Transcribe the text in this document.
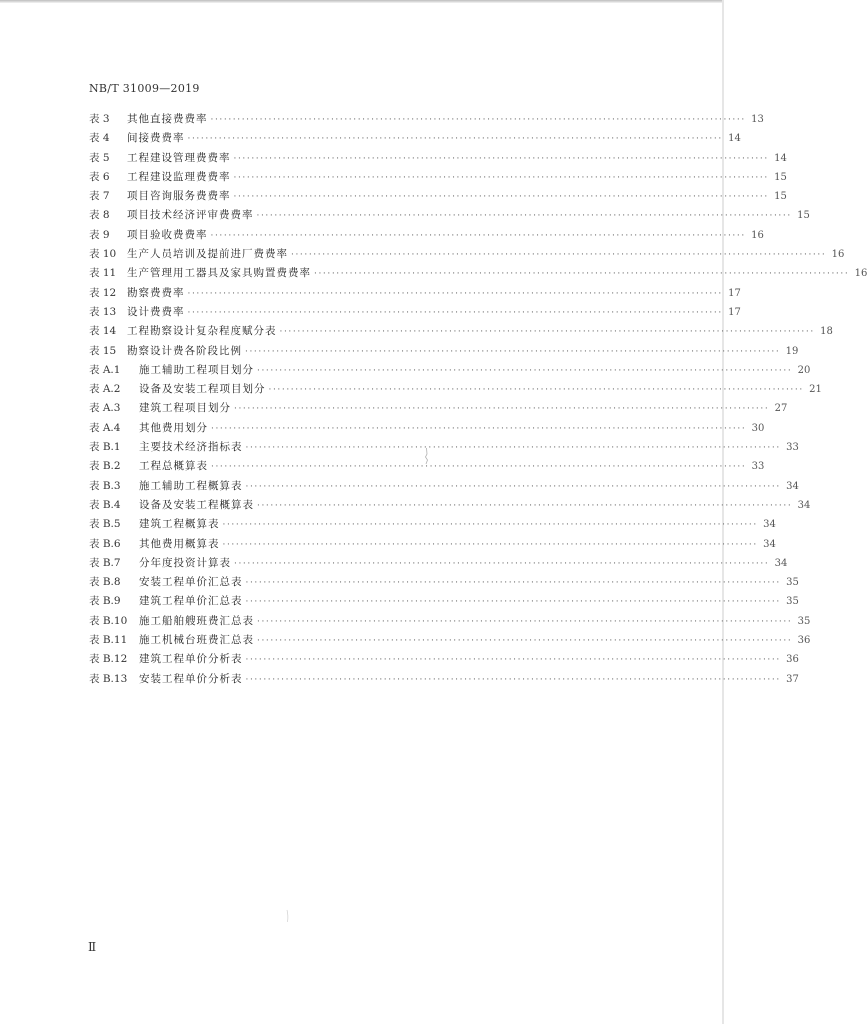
NB/T 31009—2019
表 3	其他直接费费率 ························································································································ 13
表 4	间接费费率 ························································································································ 14
表 5	工程建设管理费费率 ························································································································ 14
表 6	工程建设监理费费率 ························································································································ 15
表 7	项目咨询服务费费率 ························································································································ 15
表 8	项目技术经济评审费费率 ························································································································ 15
表 9	项目验收费费率 ························································································································ 16
表 10	生产人员培训及提前进厂费费率 ························································································································ 16
表 11	生产管理用工器具及家具购置费费率 ························································································································ 16
表 12	勘察费费率 ························································································································ 17
表 13	设计费费率 ························································································································ 17
表 14	工程勘察设计复杂程度赋分表 ························································································································ 18
表 15	勘察设计费各阶段比例 ························································································································ 19
表 A.1	施工辅助工程项目划分 ························································································································ 20
表 A.2	设备及安装工程项目划分 ························································································································ 21
表 A.3	建筑工程项目划分 ························································································································ 27
表 A.4	其他费用划分 ························································································································ 30
表 B.1	主要技术经济指标表 ························································································································ 33
表 B.2	工程总概算表 ························································································································ 33
表 B.3	施工辅助工程概算表 ························································································································ 34
表 B.4	设备及安装工程概算表 ························································································································ 34
表 B.5	建筑工程概算表 ························································································································ 34
表 B.6	其他费用概算表 ························································································································ 34
表 B.7	分年度投资计算表 ························································································································ 34
表 B.8	安装工程单价汇总表 ························································································································ 35
表 B.9	建筑工程单价汇总表 ························································································································ 35
表 B.10	施工船舶艘班费汇总表 ························································································································ 35
表 B.11	施工机械台班费汇总表 ························································································································ 36
表 B.12	建筑工程单价分析表 ························································································································ 36
表 B.13	安装工程单价分析表 ························································································································ 37
Ⅱ
